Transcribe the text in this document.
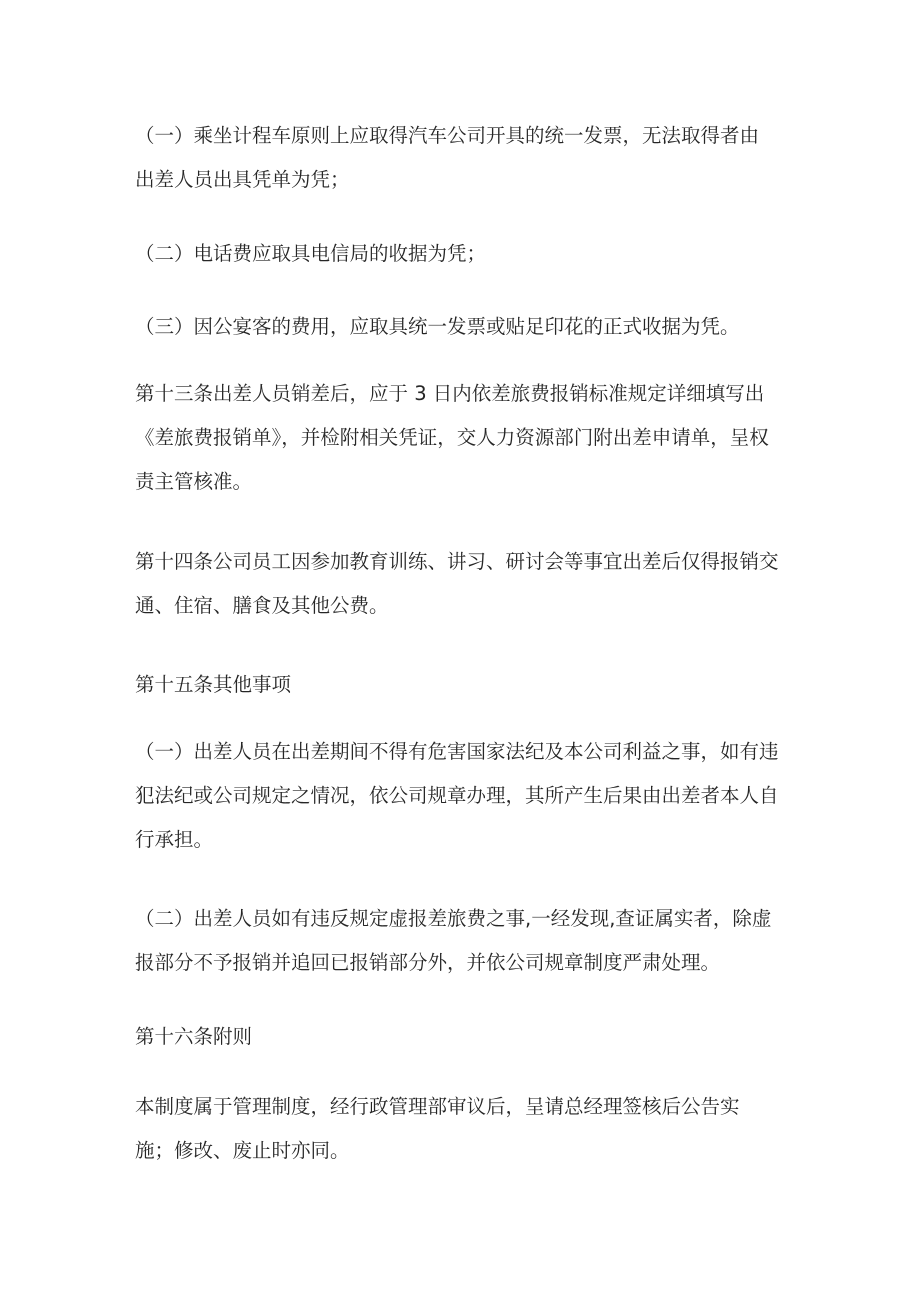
（一）乘坐计程车原则上应取得汽车公司开具的统一发票，无法取得者由
出差人员出具凭单为凭；

（二）电话费应取具电信局的收据为凭；

（三）因公宴客的费用，应取具统一发票或贴足印花的正式收据为凭。

第十三条出差人员销差后，应于 3 日内依差旅费报销标准规定详细填写出
《差旅费报销单》，并检附相关凭证，交人力资源部门附出差申请单，呈权
责主管核准。

第十四条公司员工因参加教育训练、讲习、研讨会等事宜出差后仅得报销交
通、住宿、膳食及其他公费。

第十五条其他事项

（一）出差人员在出差期间不得有危害国家法纪及本公司利益之事，如有违
犯法纪或公司规定之情况，依公司规章办理，其所产生后果由出差者本人自
行承担。

（二）出差人员如有违反规定虚报差旅费之事,一经发现,查证属实者，除虚
报部分不予报销并追回已报销部分外，并依公司规章制度严肃处理。

第十六条附则

本制度属于管理制度，经行政管理部审议后，呈请总经理签核后公告实
施；修改、废止时亦同。
